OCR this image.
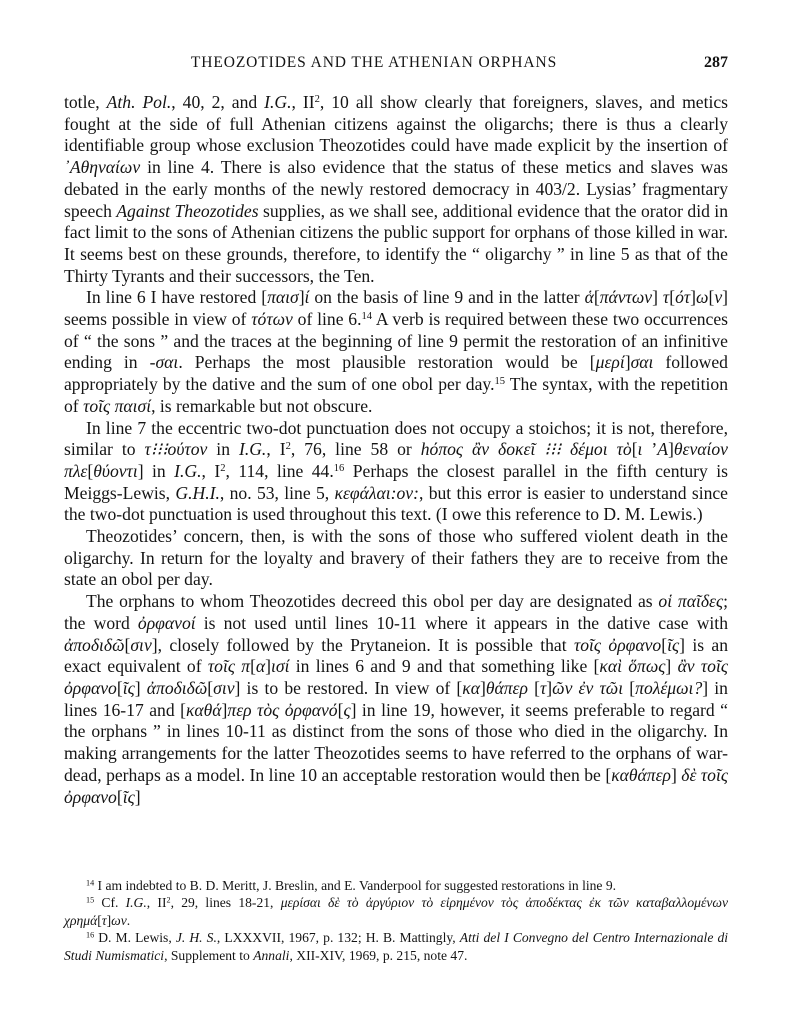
THEOZOTIDES AND THE ATHENIAN ORPHANS	287

totle, Ath. Pol., 40, 2, and I.G., $II^2$, 10 all show clearly that foreigners, slaves, and metics fought at the side of full Athenian citizens against the oligarchs; there is thus a clearly identifiable group whose exclusion Theozotides could have made explicit by the insertion of ᾿Αθηναίων in line 4. There is also evidence that the status of these metics and slaves was debated in the early months of the newly restored democracy in 403/2. Lysias’ fragmentary speech Against Theozotides supplies, as we shall see, additional evidence that the orator did in fact limit to the sons of Athenian citizens the public support for orphans of those killed in war. It seems best on these grounds, therefore, to identify the “ oligarchy ” in line 5 as that of the Thirty Tyrants and their successors, the Ten.

In line 6 I have restored [παισ]ί on the basis of line 9 and in the latter ἁ[πάντων] τ[ότ]ω[ν] seems possible in view of τότων of line 6.14 A verb is required between these two occurrences of “ the sons ” and the traces at the beginning of line 9 permit the restoration of an infinitive ending in -σαι. Perhaps the most plausible restoration would be [μερί]σαι followed appropriately by the dative and the sum of one obol per day.$^{15}$ The syntax, with the repetition of τοῖς παισί, is remarkable but not obscure.

In line 7 the eccentric two-dot punctuation does not occupy a stoichos; it is not, therefore, similar to τ⁝⁝⁝ούτον in I.G., $I^2$, 76, line 58 or hόπος ἂν δοκεῖ ⁝⁝⁝ δέμοι τὸ[ι ’Α]θεναίον πλε[θύοντι] in I.G., $I^2$, 114, line 44.16 Perhaps the closest parallel in the fifth century is Meiggs-Lewis, G.H.I., no. 53, line 5, κεφάλαι:ον:, but this error is easier to understand since the two-dot punctuation is used throughout this text. (I owe this reference to D. M. Lewis.)

Theozotides’ concern, then, is with the sons of those who suffered violent death in the oligarchy. In return for the loyalty and bravery of their fathers they are to receive from the state an obol per day.

The orphans to whom Theozotides decreed this obol per day are designated as οἱ παῖδες; the word ὀρφανοί is not used until lines 10-11 where it appears in the dative case with ἀποδιδῶ[σιν], closely followed by the Prytaneion. It is possible that τοῖς ὀρφανο[ῖς] is an exact equivalent of τοῖς π[α]ισί in lines 6 and 9 and that something like [καὶ ὅπως] ἂν τοῖς ὀρφανο[ῖς] ἀποδιδῶ[σιν] is to be restored. In view of [κα]θάπερ [τ]ῶν ἐν τῶι [πολέμωι?] in lines 16-17 and [καθά]περ τὸς ὀρφανό[ς] in line 19, however, it seems preferable to regard “ the orphans ” in lines 10-11 as distinct from the sons of those who died in the oligarchy. In making arrangements for the latter Theozotides seems to have referred to the orphans of war-dead, perhaps as a model. In line 10 an acceptable restoration would then be [καθάπερ] δὲ τοῖς ὀρφανο[ῖς]

$^{14}$ I am indebted to B. D. Meritt, J. Breslin, and E. Vanderpool for suggested restorations in line 9.

$^{15}$ Cf. I.G., $II^2$, 29, lines 18-21, μερίσαι δὲ τὸ ἀργύριον τὸ εἰρημένον τὸς ἀποδέκτας ἐκ τῶν καταβαλλομένων χρημά[τ]ων.

$^{16}$ D. M. Lewis, J. H. S., LXXXVII, 1967, p. 132; H. B. Mattingly, Atti del I Convegno del Centro Internazionale di Studi Numismatici, Supplement to Annali, XII-XIV, 1969, p. 215, note 47.
